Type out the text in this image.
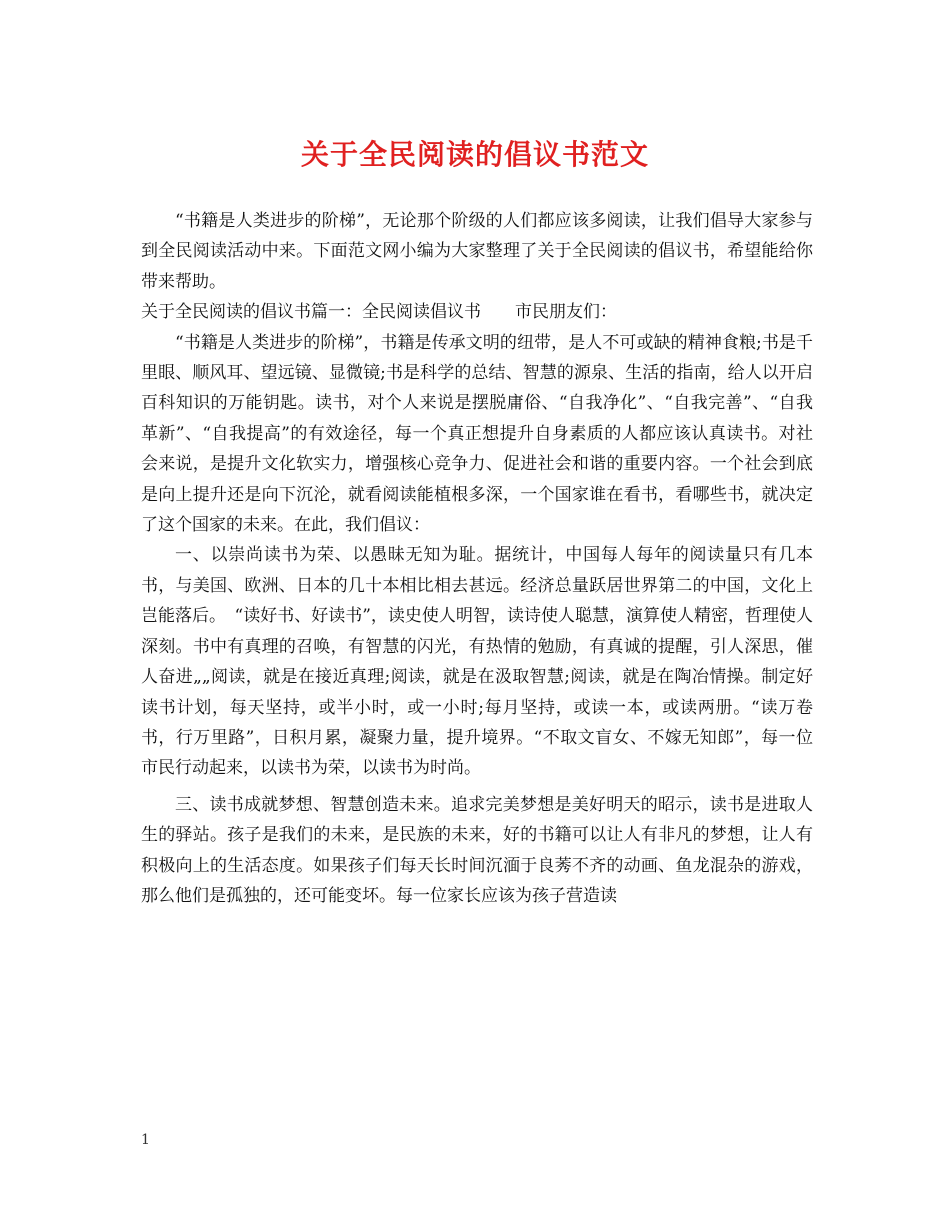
关于全民阅读的倡议书范文

“书籍是人类进步的阶梯”，无论那个阶级的人们都应该多阅读，让我们倡导大家参与到全民阅读活动中来。下面范文网小编为大家整理了关于全民阅读的倡议书，希望能给你带来帮助。

关于全民阅读的倡议书篇一：全民阅读倡议书　　市民朋友们：

“书籍是人类进步的阶梯”，书籍是传承文明的纽带，是人不可或缺的精神食粮;书是千里眼、顺风耳、望远镜、显微镜;书是科学的总结、智慧的源泉、生活的指南，给人以开启百科知识的万能钥匙。读书，对个人来说是摆脱庸俗、“自我净化”、“自我完善”、“自我革新”、“自我提高”的有效途径，每一个真正想提升自身素质的人都应该认真读书。对社会来说，是提升文化软实力，增强核心竞争力、促进社会和谐的重要内容。一个社会到底是向上提升还是向下沉沦，就看阅读能植根多深，一个国家谁在看书，看哪些书，就决定了这个国家的未来。在此，我们倡议：

一、以崇尚读书为荣、以愚昧无知为耻。据统计，中国每人每年的阅读量只有几本书，与美国、欧洲、日本的几十本相比相去甚远。经济总量跃居世界第二的中国，文化上岂能落后。　“读好书、好读书”，读史使人明智，读诗使人聪慧，演算使人精密，哲理使人深刻。书中有真理的召唤，有智慧的闪光，有热情的勉励，有真诚的提醒，引人深思，催人奋进„„阅读，就是在接近真理;阅读，就是在汲取智慧;阅读，就是在陶冶情操。制定好读书计划，每天坚持，或半小时，或一小时;每月坚持，或读一本，或读两册。“读万卷书，行万里路”，日积月累，凝聚力量，提升境界。“不取文盲女、不嫁无知郎”，每一位市民行动起来，以读书为荣，以读书为时尚。

三、读书成就梦想、智慧创造未来。追求完美梦想是美好明天的昭示，读书是进取人生的驿站。孩子是我们的未来，是民族的未来，好的书籍可以让人有非凡的梦想，让人有积极向上的生活态度。如果孩子们每天长时间沉湎于良莠不齐的动画、鱼龙混杂的游戏，那么他们是孤独的，还可能变坏。每一位家长应该为孩子营造读

1
